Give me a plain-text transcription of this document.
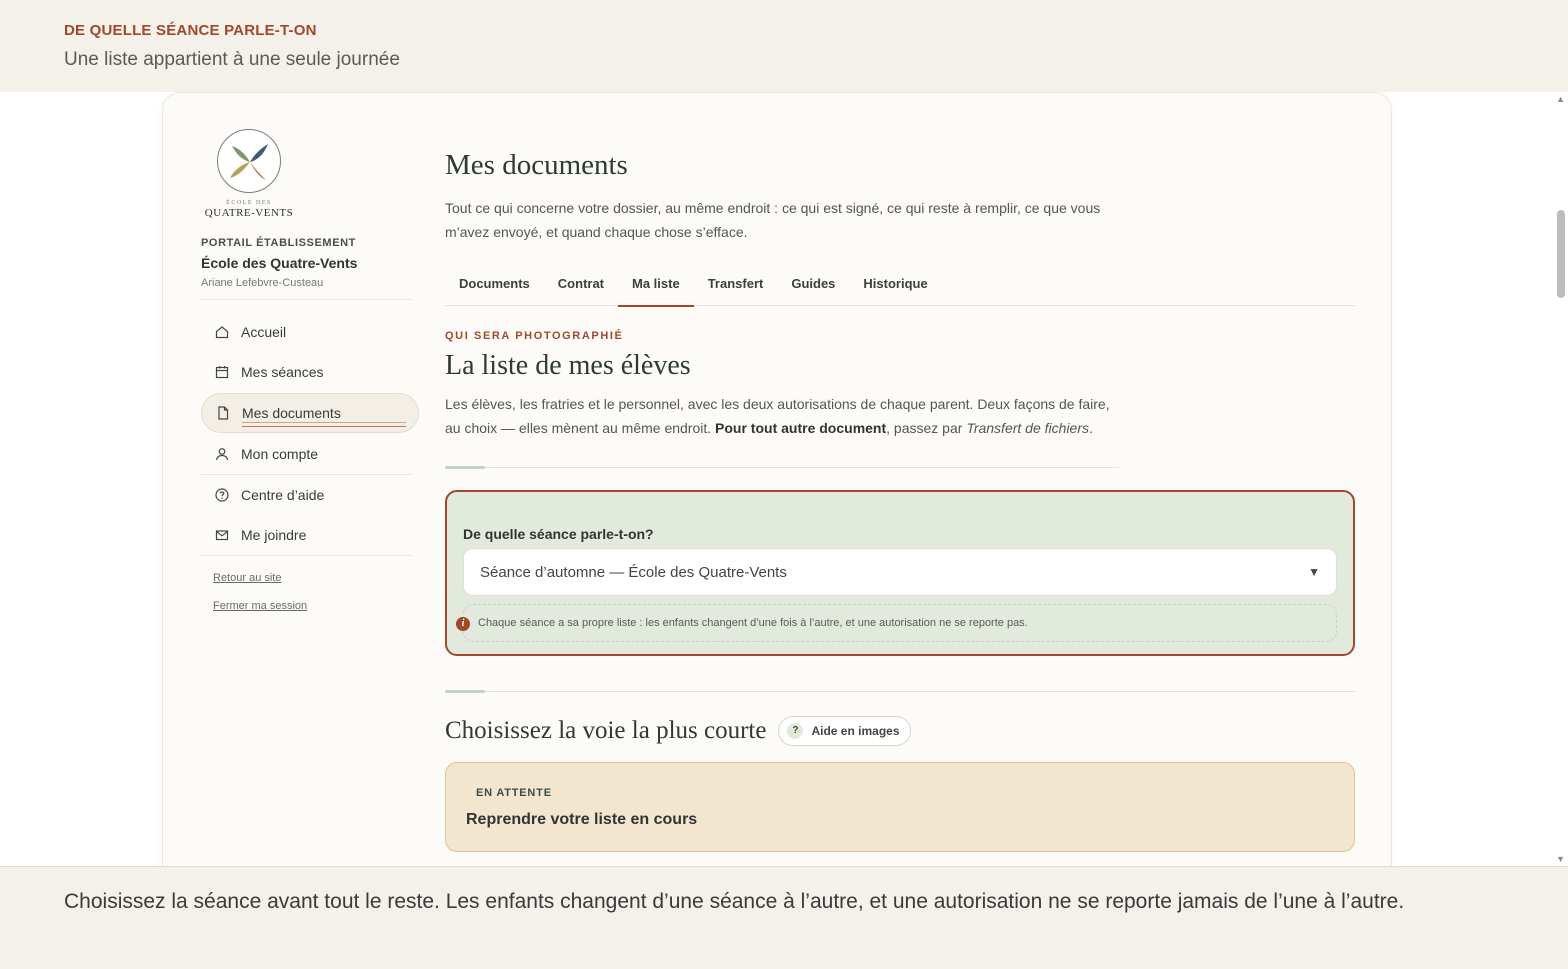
DE QUELLE SÉANCE PARLE-T-ON
Une liste appartient à une seule journée
ÉCOLE DES
QUATRE-VENTS
PORTAIL ÉTABLISSEMENT
École des Quatre-Vents
Ariane Lefebvre-Custeau
Accueil
Mes séances
Mes documents
Mon compte
Centre d’aide
Me joindre
Retour au site
Fermer ma session
Mes documents
Tout ce qui concerne votre dossier, au même endroit : ce qui est signé, ce qui reste à remplir, ce que vous m’avez envoyé, et quand chaque chose s’efface.
Documents	Contrat	Ma liste	Transfert	Guides	Historique
QUI SERA PHOTOGRAPHIÉ
La liste de mes élèves
Les élèves, les fratries et le personnel, avec les deux autorisations de chaque parent. Deux façons de faire, au choix — elles mènent au même endroit. Pour tout autre document, passez par Transfert de fichiers.
De quelle séance parle-t-on?
Séance d’automne — École des Quatre-Vents	▼
i	Chaque séance a sa propre liste : les enfants changent d’une fois à l’autre, et une autorisation ne se reporte pas.
Choisissez la voie la plus courte	?	Aide en images
EN ATTENTE
Reprendre votre liste en cours
▲
▼
Choisissez la séance avant tout le reste. Les enfants changent d’une séance à l’autre, et une autorisation ne se reporte jamais de l’une à l’autre.
